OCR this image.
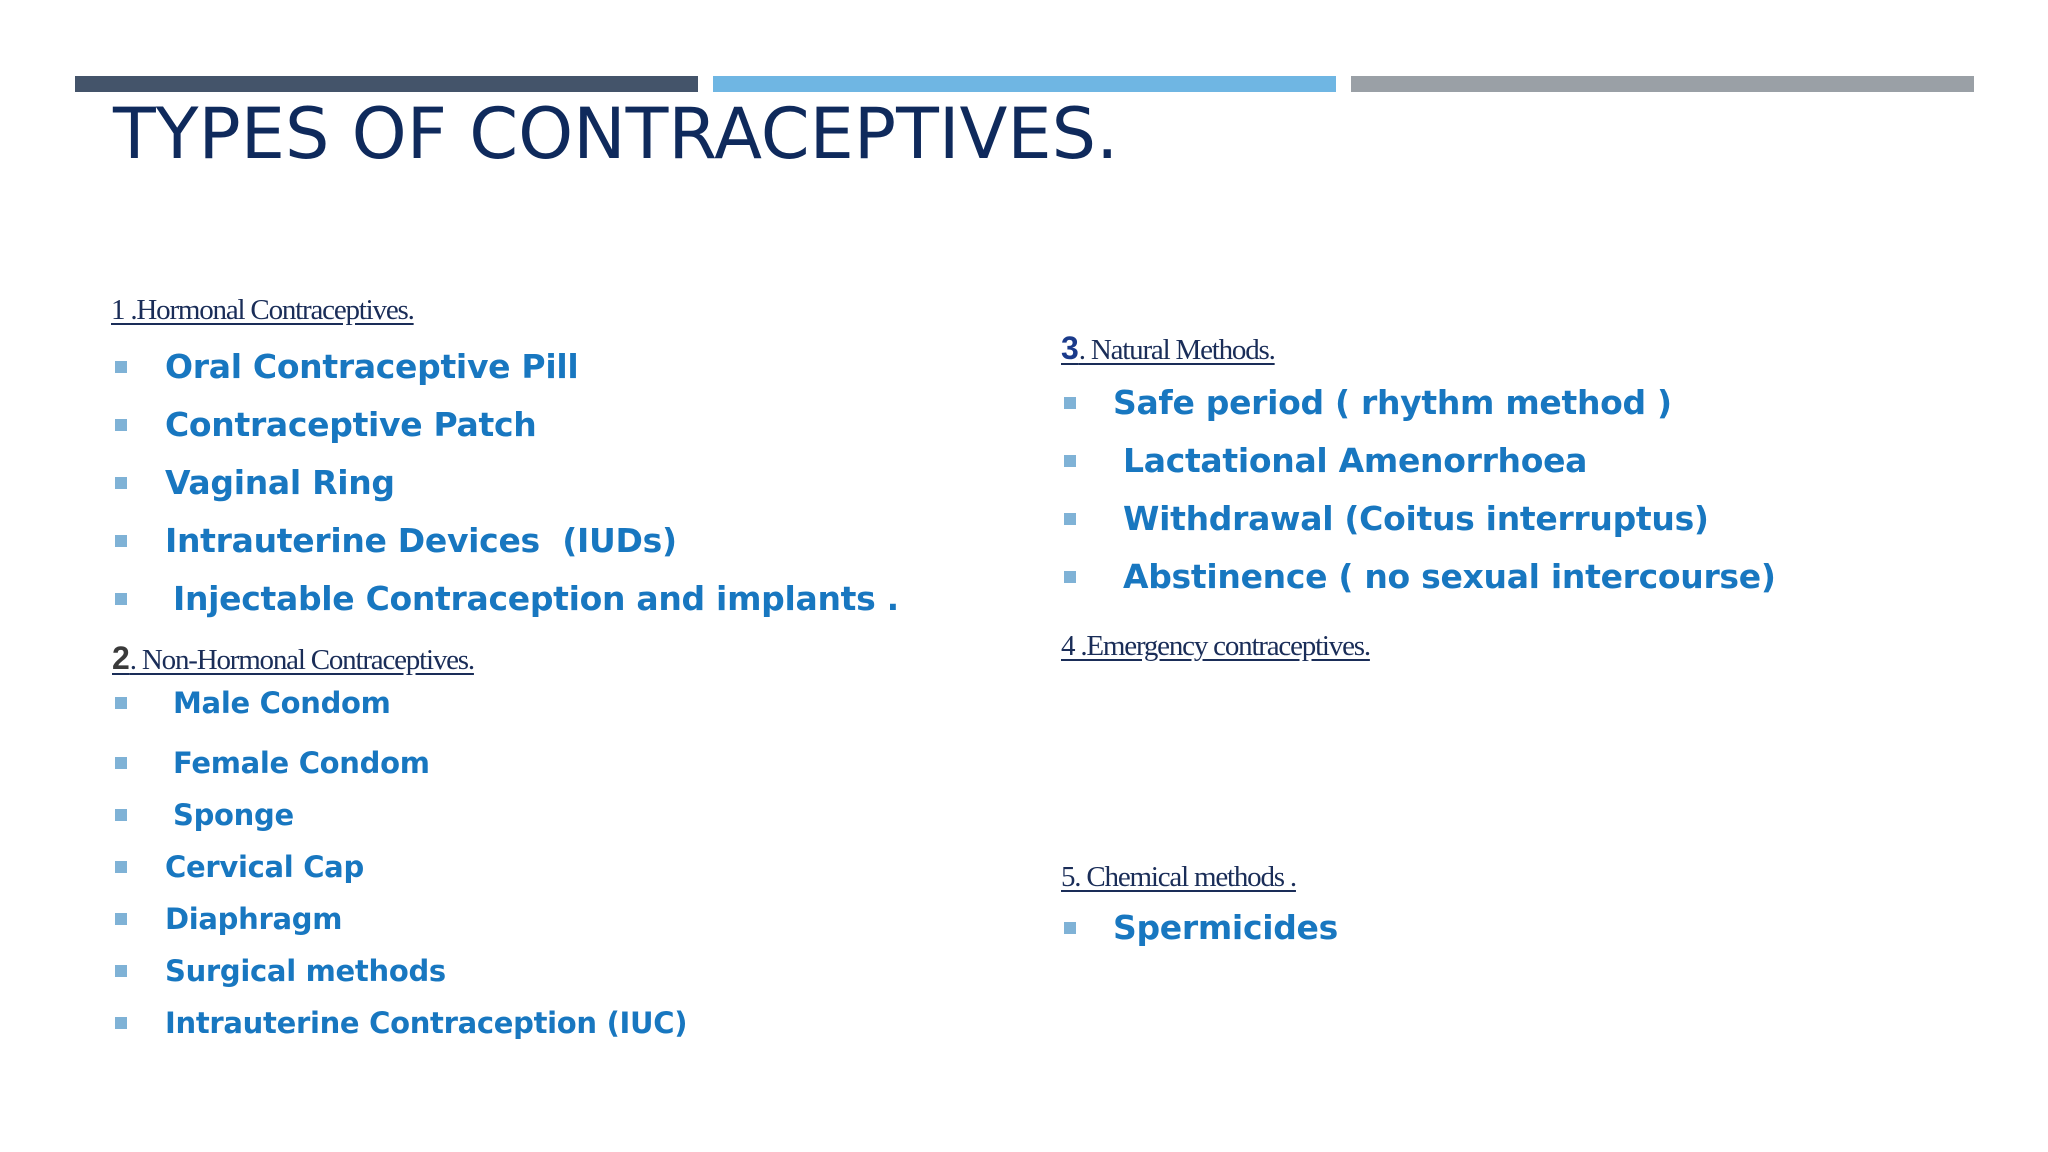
TYPES OF CONTRACEPTIVES.
1 .Hormonal Contraceptives.
Oral Contraceptive Pill
Contraceptive Patch
Vaginal Ring
Intrauterine Devices  (IUDs)
Injectable Contraception and implants .
2. Non-Hormonal Contraceptives.
Male Condom
Female Condom
Sponge
Cervical Cap
Diaphragm
Surgical methods
Intrauterine Contraception (IUC)
3. Natural Methods.
Safe period ( rhythm method )
Lactational Amenorrhoea
Withdrawal (Coitus interruptus)
Abstinence ( no sexual intercourse)
4 .Emergency contraceptives.
5. Chemical methods .
Spermicides
